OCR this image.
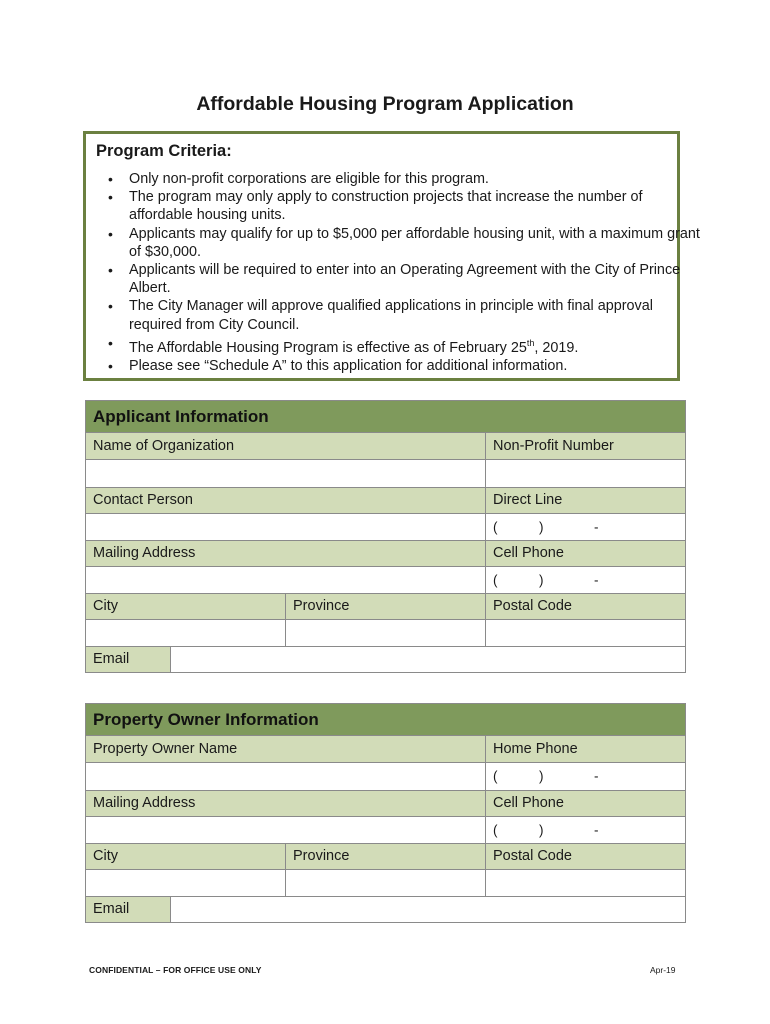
Affordable Housing Program Application
Program Criteria:
• Only non-profit corporations are eligible for this program.
• The program may only apply to construction projects that increase the number of affordable housing units.
• Applicants may qualify for up to $5,000 per affordable housing unit, with a maximum grant of $30,000.
• Applicants will be required to enter into an Operating Agreement with the City of Prince Albert.
• The City Manager will approve qualified applications in principle with final approval required from City Council.
• The Affordable Housing Program is effective as of February 25th, 2019.
• Please see “Schedule A” to this application for additional information.
Applicant Information			
Name of Organization			Non-Profit Number

Contact Person			Direct Line

			( ) -

Mailing Address			Cell Phone

			( ) -

City		Province	Postal Code

Email			
Property Owner Information			
Property Owner Name			Home Phone

			( ) -

Mailing Address			Cell Phone

			( ) -

City		Province	Postal Code

Email			
CONFIDENTIAL – FOR OFFICE USE ONLY	Apr-19
